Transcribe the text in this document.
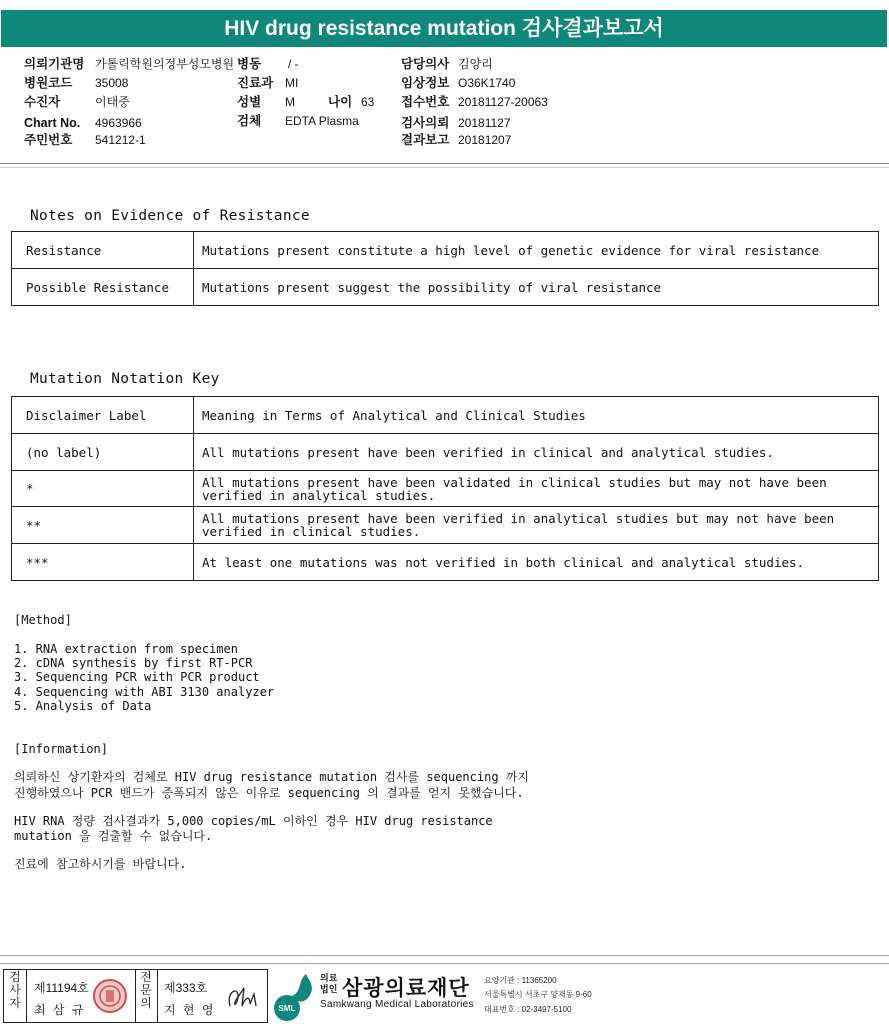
HIV drug resistance mutation 검사결과보고서
의뢰기관명 가톨릭학원의정부성모병원 병동 / -	담당의사 김양리
병원코드 35008	진료과 MI	임상정보 O36K1740
수진자	이태중	성별 M	나이 63 접수번호 20181127-20063
Chart No. 4963966	검체 EDTA Plasma	검사의뢰 20181127
주민번호 541212-1	결과보고 20181207
Notes on Evidence of Resistance
Resistance	Mutations present constitute a high level of genetic evidence for viral resistance
Possible Resistance	Mutations present suggest the possibility of viral resistance
Mutation Notation Key
Disclaimer Label	Meaning in Terms of Analytical and Clinical Studies
(no label)	All mutations present have been verified in clinical and analytical studies.
*	All mutations present have been validated in clinical studies but may not have been verified in analytical studies.
**	All mutations present have been verified in analytical studies but may not have been verified in clinical studies.
***	At least one mutations was not verified in both clinical and analytical studies.
[Method]
1. RNA extraction from specimen
2. cDNA synthesis by first RT-PCR
3. Sequencing PCR with PCR product
4. Sequencing with ABI 3130 analyzer
5. Analysis of Data
[Information]
의뢰하신 상기환자의 검체로 HIV drug resistance mutation 검사를 sequencing 까지
진행하였으나 PCR 밴드가 증폭되지 않은 이유로 sequencing 의 결과를 얻지 못했습니다.
HIV RNA 정량 검사결과가 5,000 copies/mL 이하인 경우 HIV drug resistance
mutation 을 검출할 수 없습니다.
진료에 참고하시기를 바랍니다.
검사자
제11194호
최 삼 규
전문의
제333호
지 현 영	SML
의료법인 삼광의료재단
Samkwang Medical Laboratories
요양기관 : 11365200
서울특별시 서초구 양재동 9-60
대표번호 : 02-3497-5100
